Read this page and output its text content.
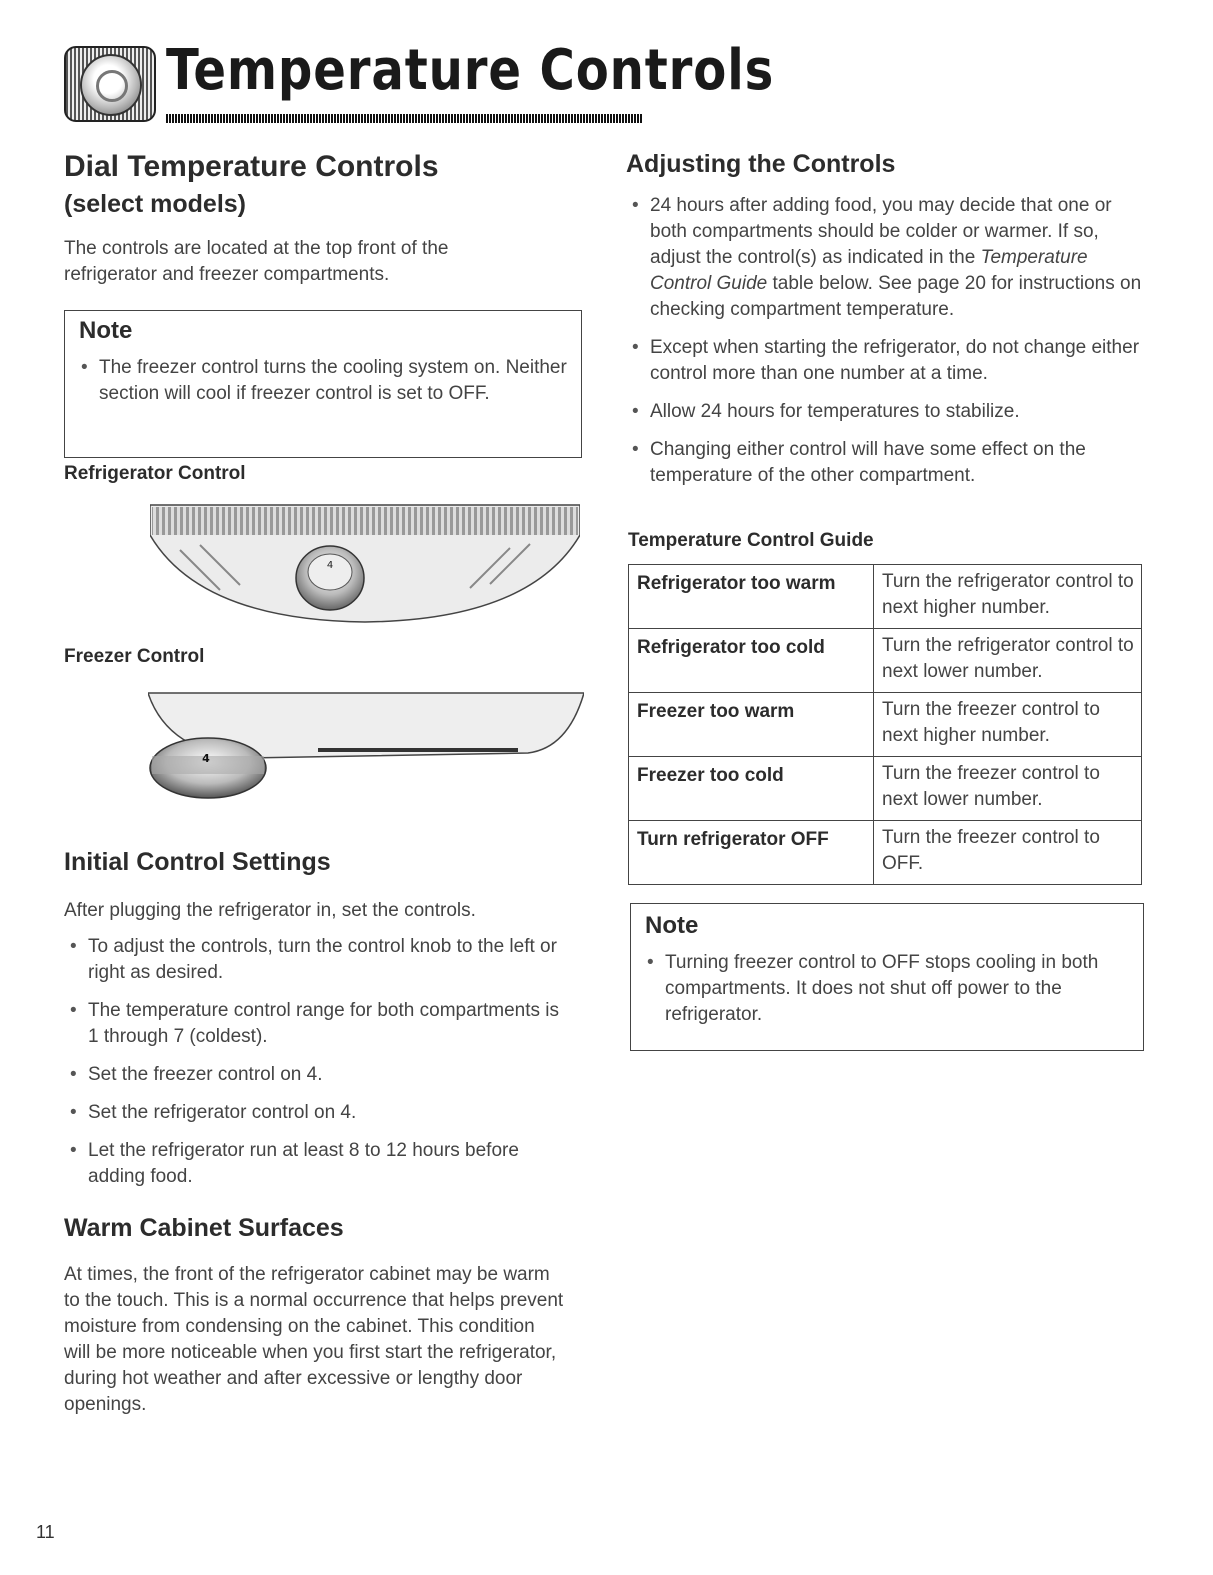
Temperature Controls
Dial Temperature Controls
(select models)

The controls are located at the top front of the refrigerator and freezer compartments.

Note
• The freezer control turns the cooling system on. Neither section will cool if freezer control is set to OFF.
Refrigerator Control
4
Freezer Control
4
Initial Control Settings

After plugging the refrigerator in, set the controls.

• To adjust the controls, turn the control knob to the left or right as desired.
• The temperature control range for both compartments is 1 through 7 (coldest).
• Set the freezer control on 4.
• Set the refrigerator control on 4.
• Let the refrigerator run at least 8 to 12 hours before adding food.
Warm Cabinet Surfaces

At times, the front of the refrigerator cabinet may be warm to the touch. This is a normal occurrence that helps prevent moisture from condensing on the cabinet. This condition will be more noticeable when you first start the refrigerator, during hot weather and after excessive or lengthy door openings.

Adjusting the Controls
• 24 hours after adding food, you may decide that one or both compartments should be colder or warmer. If so, adjust the control(s) as indicated in the Temperature Control Guide table below. See page 20 for instructions on checking compartment temperature.
• Except when starting the refrigerator, do not change either control more than one number at a time.
• Allow 24 hours for temperatures to stabilize.
• Changing either control will have some effect on the temperature of the other compartment.
Temperature Control Guide
Refrigerator too warm	Turn the refrigerator control to next higher number.
Refrigerator too cold	Turn the refrigerator control to next lower number.
Freezer too warm	Turn the freezer control to next higher number.
Freezer too cold	Turn the freezer control to next lower number.
Turn refrigerator OFF	Turn the freezer control to OFF.
Note
• Turning freezer control to OFF stops cooling in both compartments. It does not shut off power to the refrigerator.
11
